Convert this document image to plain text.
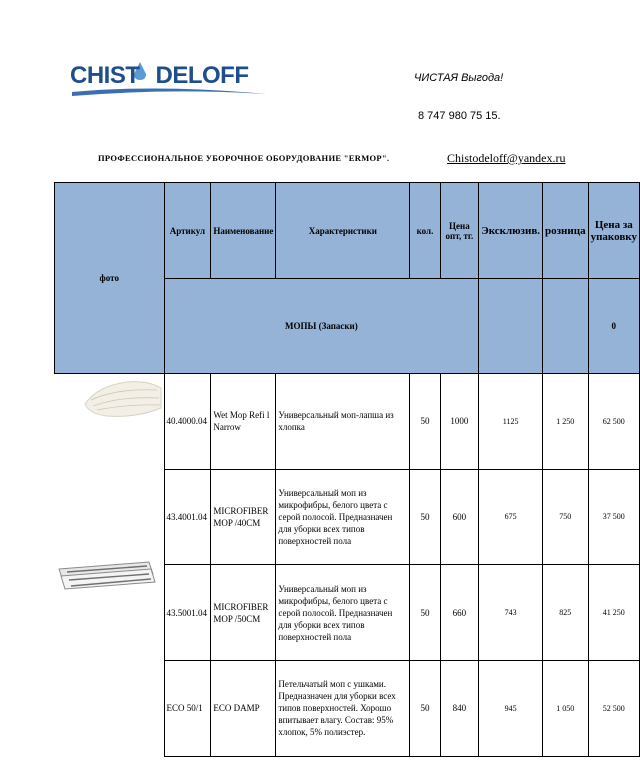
CHIST DELOFF	ЧИСТАЯ Выгода!
8 747 980 75 15.
ПРОФЕССИОНАЛЬНОЕ УБОРОЧНОЕ ОБОРУДОВАНИЕ "ERMOP".	Chistodeloff@yandex.ru
фото	Артикул	Наименование	Характеристики	кол.	Цена опт, тг.	Эксклюзив.	розница	Цена за упаковку
	МОПЫ (Запаски)							0
	40.4000.04	Wet Mop Refi l Narrow	Универсальный моп-лапша из хлопка	50	1000	1125	1 250	62 500
	43.4001.04	MICROFIBER MOP /40CM	Универсальный моп из микрофибры, белого цвета с серой полосой. Предназначен для уборки всех типов поверхностей пола	50	600	675	750	37 500
	43.5001.04	MICROFIBER MOP /50CM	Универсальный моп из микрофибры, белого цвета с серой полосой. Предназначен для уборки всех типов поверхностей пола	50	660	743	825	41 250
	ECO 50/1	ECO DAMP	Петельчатый моп с ушками. Предназначен для уборки всех типов поверхностей. Хорошо впитывает влагу. Состав: 95% хлопок, 5% полиэстер.	50	840	945	1 050	52 500
